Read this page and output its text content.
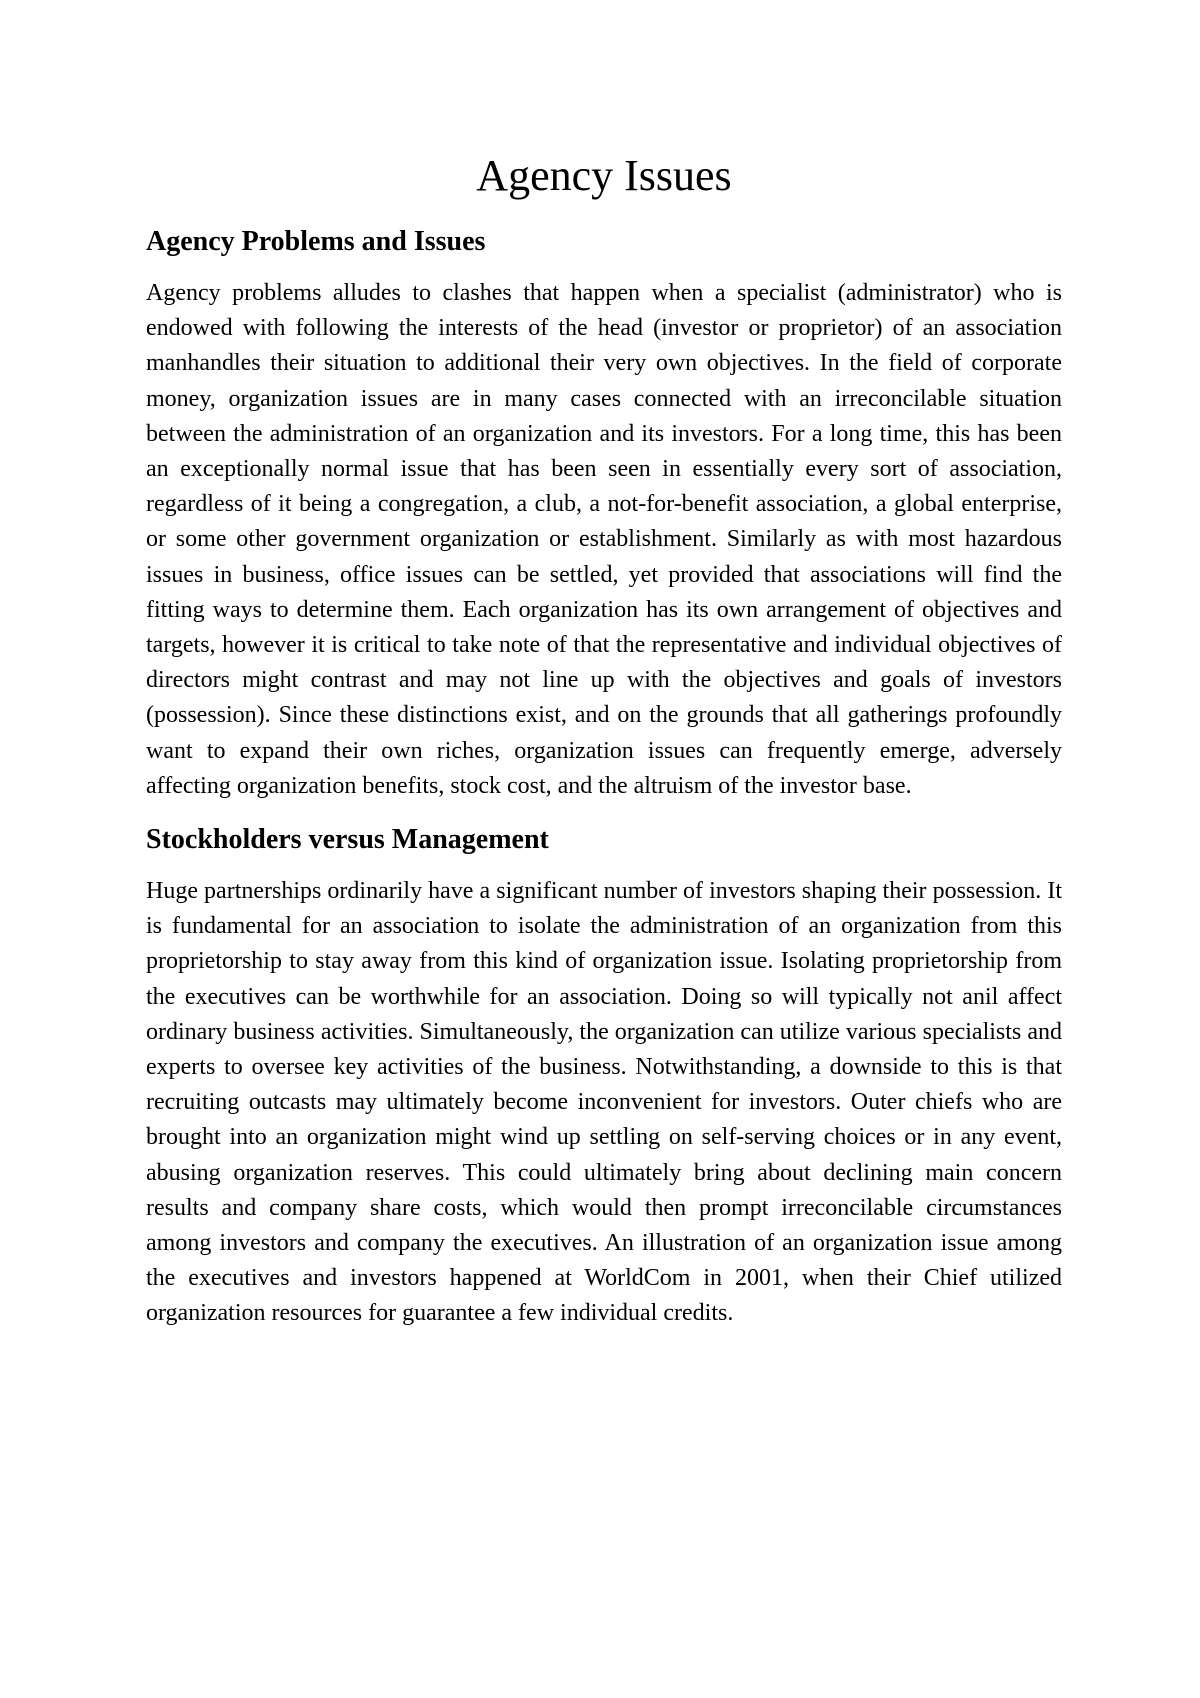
Agency Issues
Agency Problems and Issues

Agency problems alludes to clashes that happen when a specialist (administrator) who is endowed with following the interests of the head (investor or proprietor) of an association manhandles their situation to additional their very own objectives. In the field of corporate money, organization issues are in many cases connected with an irreconcilable situation between the administration of an organization and its investors. For a long time, this has been an exceptionally normal issue that has been seen in essentially every sort of association, regardless of it being a congregation, a club, a not-for-benefit association, a global enterprise, or some other government organization or establishment. Similarly as with most hazardous issues in business, office issues can be settled, yet provided that associations will find the fitting ways to determine them. Each organization has its own arrangement of objectives and targets, however it is critical to take note of that the representative and individual objectives of directors might contrast and may not line up with the objectives and goals of investors (possession). Since these distinctions exist, and on the grounds that all gatherings profoundly want to expand their own riches, organization issues can frequently emerge, adversely affecting organization benefits, stock cost, and the altruism of the investor base.

Stockholders versus Management

Huge partnerships ordinarily have a significant number of investors shaping their possession. It is fundamental for an association to isolate the administration of an organization from this proprietorship to stay away from this kind of organization issue. Isolating proprietorship from the executives can be worthwhile for an association. Doing so will typically not anil affect ordinary business activities. Simultaneously, the organization can utilize various specialists and experts to oversee key activities of the business. Notwithstanding, a downside to this is that recruiting outcasts may ultimately become inconvenient for investors. Outer chiefs who are brought into an organization might wind up settling on self-serving choices or in any event, abusing organization reserves. This could ultimately bring about declining main concern results and company share costs, which would then prompt irreconcilable circumstances among investors and company the executives. An illustration of an organization issue among the executives and investors happened at WorldCom in 2001, when their Chief utilized organization resources for guarantee a few individual credits.
